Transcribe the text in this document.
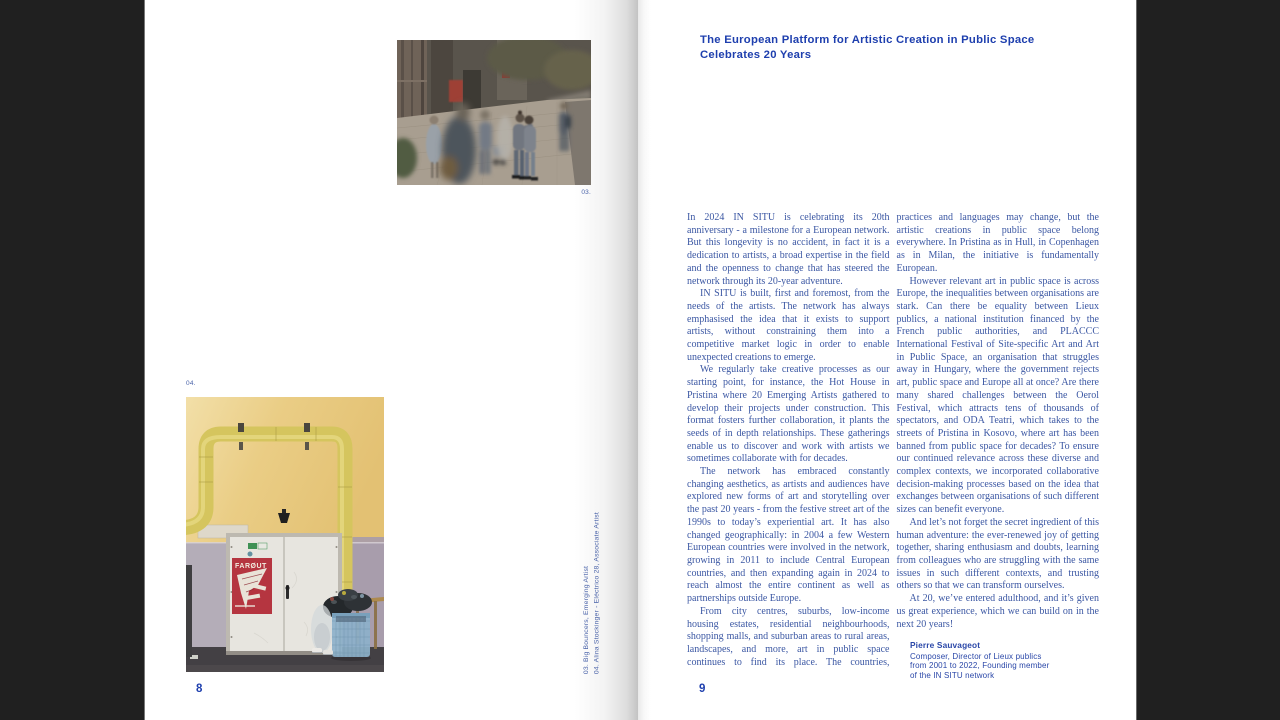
03.
FARØUT
04.
03. Big Bouncers, Emerging Artist 04. Alina Stockinger - Eléctrico 28, Associate Artist
8
The European Platform for Artistic Creation in Public Space
Celebrates 20 Years

In 2024 IN SITU is celebrating its 20th anniversary - a milestone for a European network. But this longevity is no accident, in fact it is a dedication to artists, a broad expertise in the field and the openness to change that has steered the network through its 20-year adventure.

IN SITU is built, first and foremost, from the needs of the artists. The network has always emphasised the idea that it exists to support artists, without constraining them into a competitive market logic in order to enable unexpected creations to emerge.

We regularly take creative processes as our starting point, for instance, the Hot House in Pristina where 20 Emerging Artists gathered to develop their projects under construction. This format fosters further collaboration, it plants the seeds of in depth relationships. These gatherings enable us to discover and work with artists we sometimes collaborate with for decades.

The network has embraced constantly changing aesthetics, as artists and audiences have explored new forms of art and storytelling over the past 20 years - from the festive street art of the 1990s to today’s experiential art. It has also changed geographically: in 2004 a few Western European countries were involved in the network, growing in 2011 to include Central European countries, and then expanding again in 2024 to reach almost the entire continent as well as partnerships outside Europe.

From city centres, suburbs, low-income housing estates, residential neighbourhoods, shopping malls, and suburban areas to rural areas, landscapes, and more, art in public space continues to find its place. The countries, practices and languages may change, but the artistic creations in public space belong everywhere. In Pristina as in Hull, in Copenhagen as in Milan, the initiative is fundamentally European.

However relevant art in public space is across Europe, the inequalities between organisations are stark. Can there be equality between Lieux publics, a national institution financed by the French public authorities, and PLACCC International Festival of Site-specific Art and Art in Public Space, an organisation that struggles away in Hungary, where the government rejects art, public space and Europe all at once? Are there many shared challenges between the Oerol Festival, which attracts tens of thousands of spectators, and ODA Teatri, which takes to the streets of Pristina in Kosovo, where art has been banned from public space for decades? To ensure our continued relevance across these diverse and complex contexts, we incorporated collaborative decision-making processes based on the idea that exchanges between organisations of such different sizes can benefit everyone.

And let’s not forget the secret ingredient of this human adventure: the ever-renewed joy of getting together, sharing enthusiasm and doubts, learning from colleagues who are struggling with the same issues in such different contexts, and trusting others so that we can transform ourselves.

At 20, we’ve entered adulthood, and it’s given us great experience, which we can build on in the next 20 years!

Pierre Sauvageot
Composer, Director of Lieux publics
from 2001 to 2022, Founding member
of the IN SITU network
9
